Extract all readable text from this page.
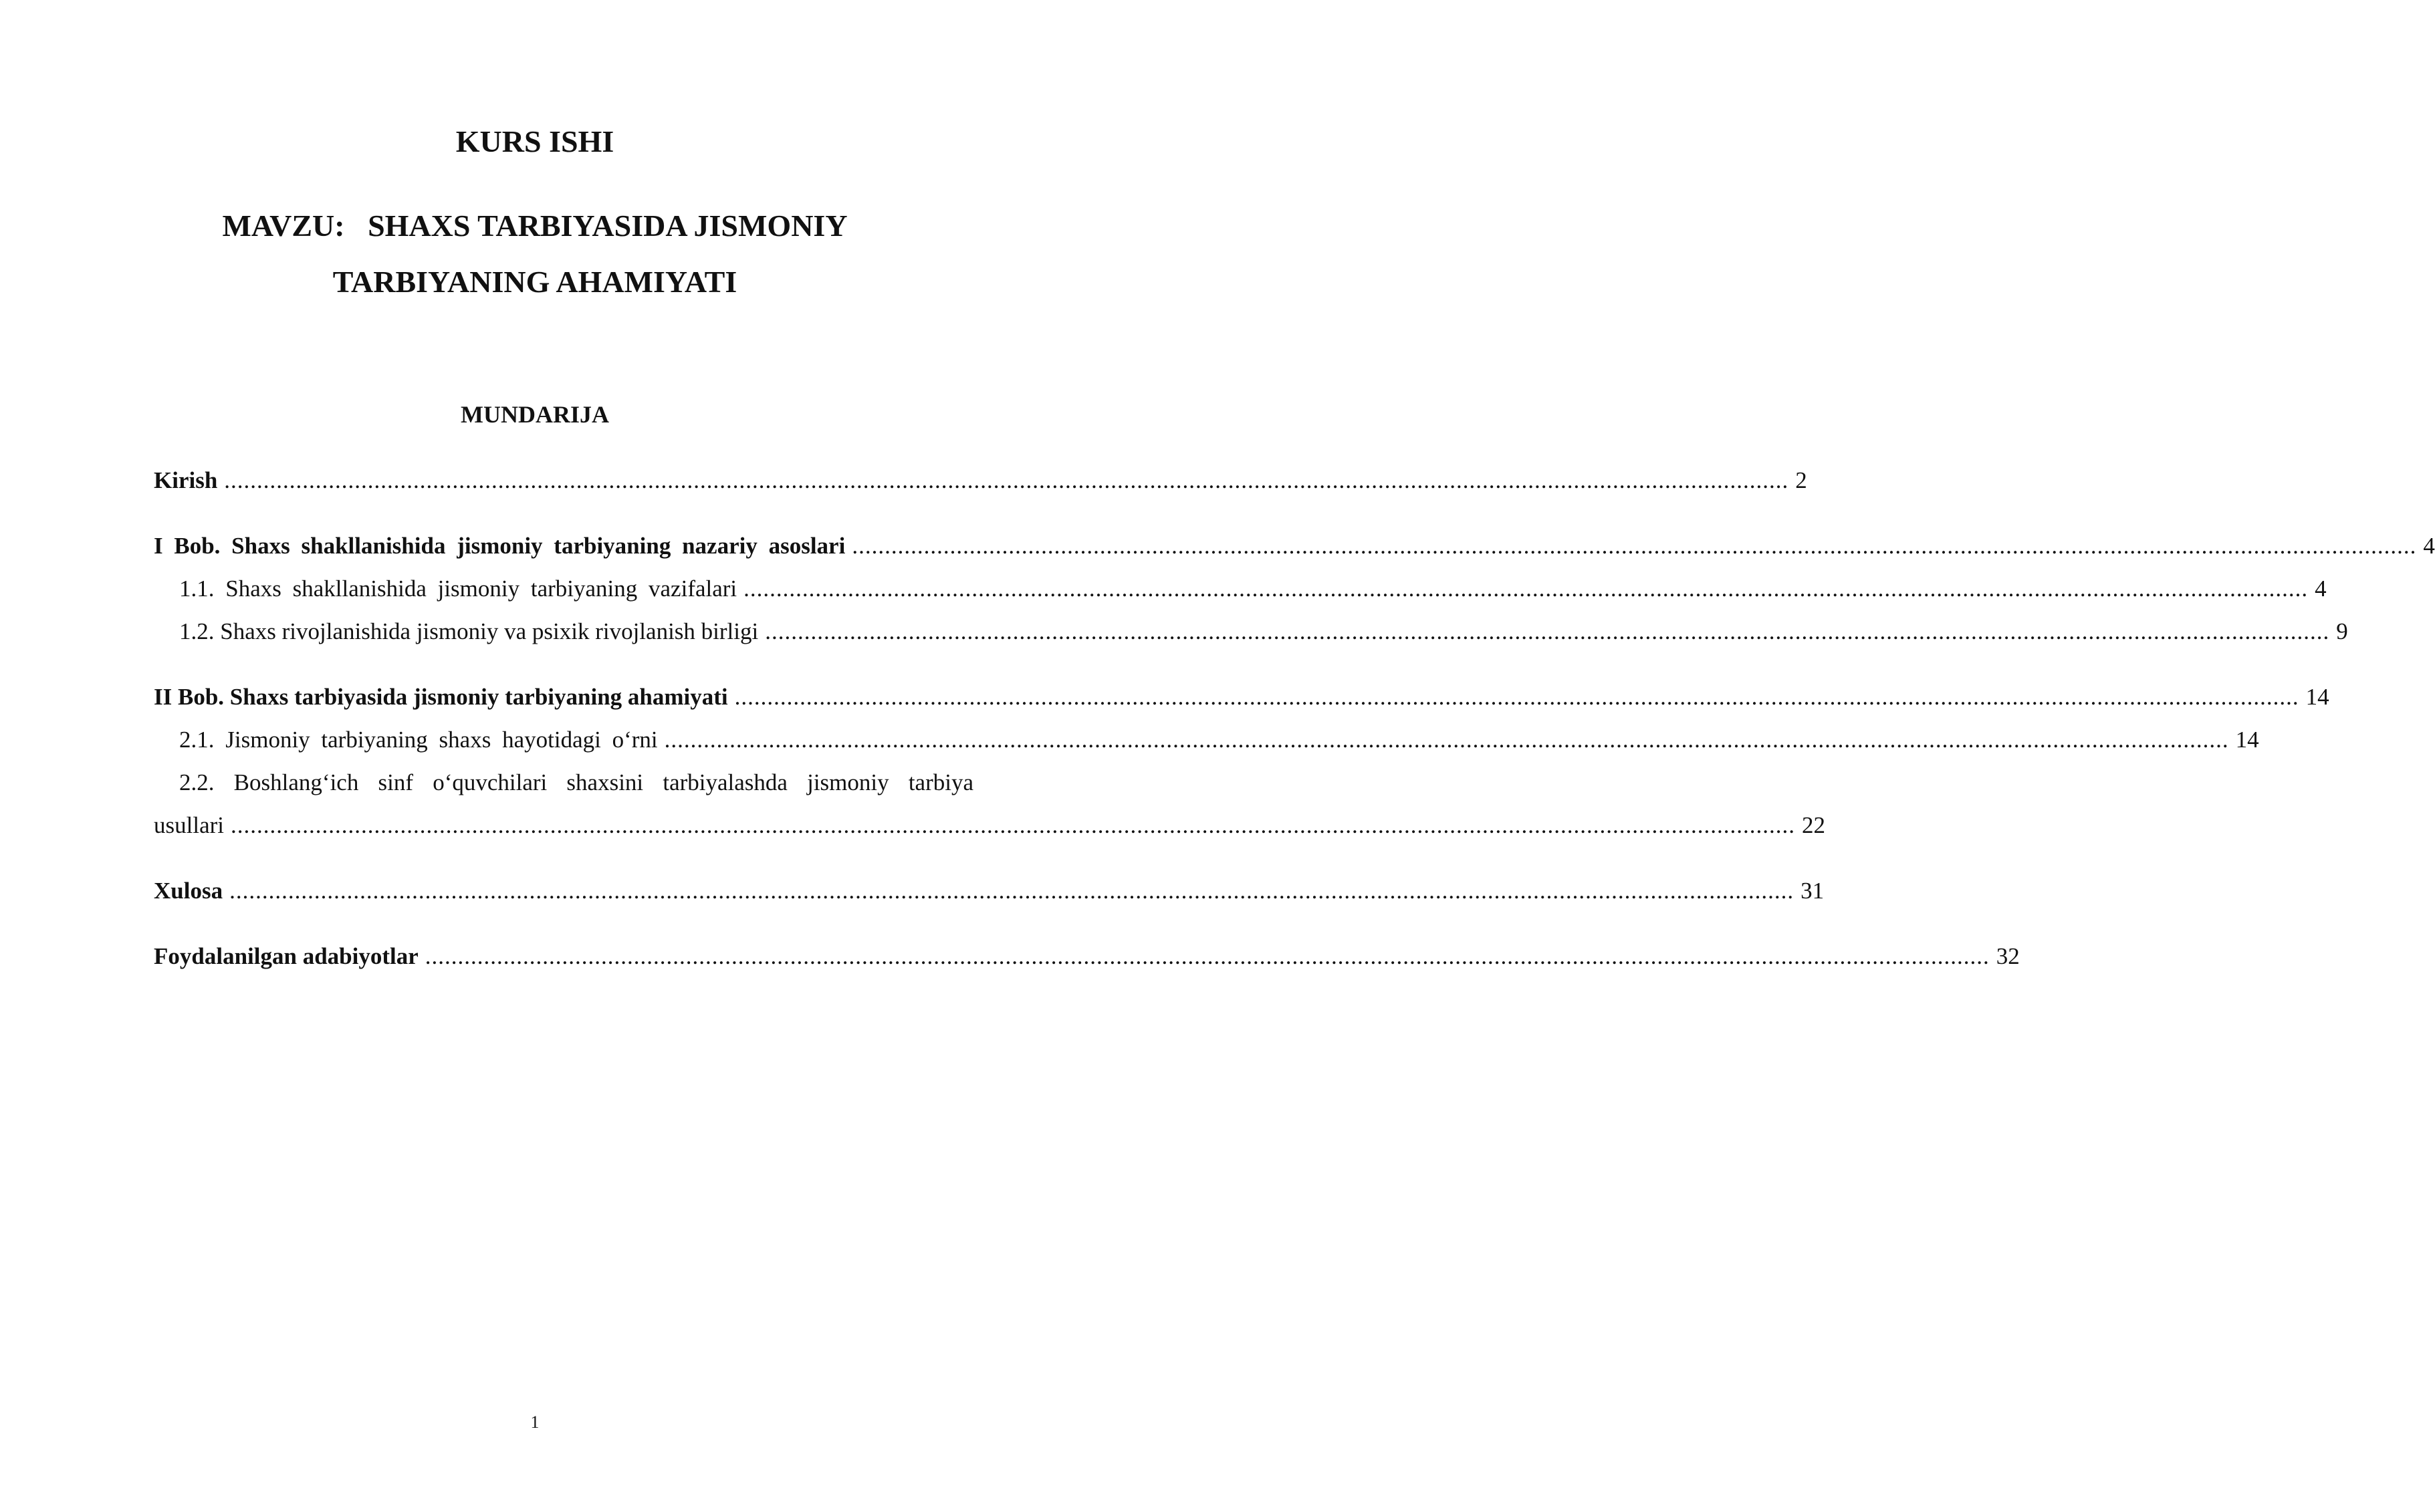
KURS ISHI
MAVZU:   SHAXS TARBIYASIDA JISMONIY
TARBIYANING AHAMIYATI
MUNDARIJA
Kirish ................................................................................................................................................................................................................................................ 2
I Bob. Shaxs shakllanishida jismoniy tarbiyaning nazariy asoslari ................................................................................................................................................................................................................................................ 4
1.1. Shaxs shakllanishida jismoniy tarbiyaning vazifalari ................................................................................................................................................................................................................................................ 4
1.2. Shaxs rivojlanishida jismoniy va psixik rivojlanish birligi ................................................................................................................................................................................................................................................ 9
II Bob. Shaxs tarbiyasida jismoniy tarbiyaning ahamiyati ................................................................................................................................................................................................................................................ 14
2.1. Jismoniy tarbiyaning shaxs hayotidagi o‘rni ................................................................................................................................................................................................................................................ 14
2.2. Boshlang‘ich sinf o‘quvchilari shaxsini tarbiyalashda jismoniy tarbiya
usullari ................................................................................................................................................................................................................................................ 22
Xulosa ................................................................................................................................................................................................................................................ 31
Foydalanilgan adabiyotlar ................................................................................................................................................................................................................................................ 32
1
